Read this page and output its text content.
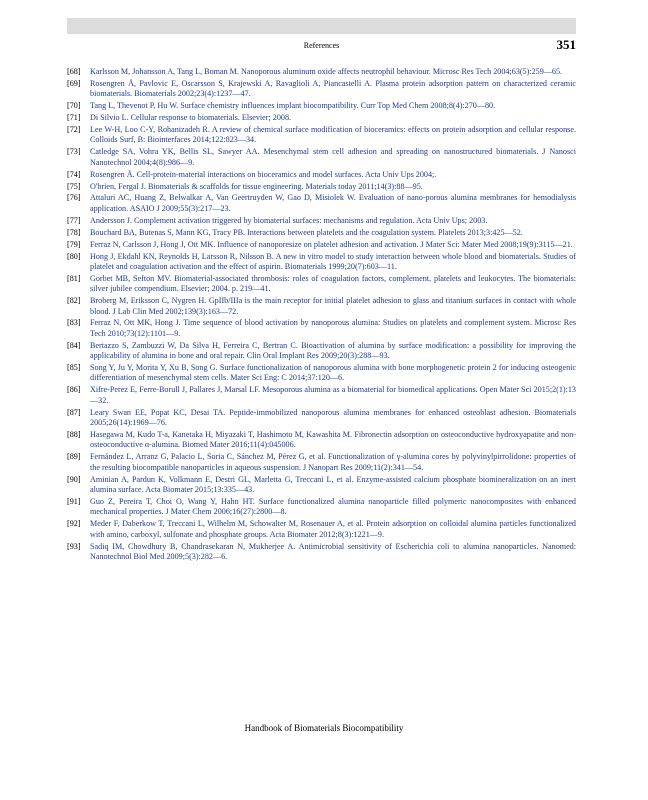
References	351
[68]	Karlsson M, Johansson A, Tang L, Boman M. Nanoporous aluminum oxide affects neutrophil behaviour. Microsc Res Tech 2004;63(5):259—65.
[69]	Rosengren Å, Pavlovic E, Oscarsson S, Krajewski A, Ravaglioli A, Piancastelli A. Plasma protein adsorption pattern on characterized ceramic biomaterials. Biomaterials 2002;23(4):1237—47.
[70]	Tang L, Thevenot P, Hu W. Surface chemistry influences implant biocompatibility. Curr Top Med Chem 2008;8(4):270—80.
[71]	Di Silvio L. Cellular response to biomaterials. Elsevier; 2008.
[72]	Lee W-H, Loo C-Y, Rohanizadeh R. A review of chemical surface modification of bioceramics: effects on protein adsorption and cellular response. Colloids Surf, B: Biointerfaces 2014;122:823—34.
[73]	Catledge SA, Vohra YK, Bellis SL, Sawyer AA. Mesenchymal stem cell adhesion and spreading on nanostructured biomaterials. J Nanosci Nanotechnol 2004;4(8):986—9.
[74]	Rosengren Å. Cell-protein-material interactions on bioceramics and model surfaces. Acta Univ Ups 2004;.
[75]	O'brien, Fergal J. Biomaterials & scaffolds for tissue engineering. Materials today 2011;14(3):88—95.
[76]	Attaluri AC, Huang Z, Belwalkar A, Van Geertruyden W, Gao D, Misiolek W. Evaluation of nano-porous alumina membranes for hemodialysis application. ASAIO J 2009;55(3):217—23.
[77]	Andersson J. Complement activation triggered by biomaterial surfaces: mechanisms and regulation. Acta Univ Ups; 2003.
[78]	Bouchard BA, Butenas S, Mann KG, Tracy PB. Interactions between platelets and the coagulation system. Platelets 2013;3:425—52.
[79]	Ferraz N, Carlsson J, Hong J, Ott MK. Influence of nanoporesize on platelet adhesion and activation. J Mater Sci: Mater Med 2008;19(9):3115—21.
[80]	Hong J, Ekdahl KN, Reynolds H, Larsson R, Nilsson B. A new in vitro model to study interaction between whole blood and biomaterials. Studies of platelet and coagulation activation and the effect of aspirin. Biomaterials 1999;20(7):603—11.
[81]	Gorbet MB, Sefton MV. Biomaterial-associated thrombosis: roles of coagulation factors, complement, platelets and leukocytes. The biomaterials: silver jubilee compendium. Elsevier; 2004. p. 219—41.
[82]	Broberg M, Eriksson C, Nygren H. GpIIb/IIIa is the main receptor for initial platelet adhesion to glass and titanium surfaces in contact with whole blood. J Lab Clin Med 2002;139(3):163—72.
[83]	Ferraz N, Ott MK, Hong J. Time sequence of blood activation by nanoporous alumina: Studies on platelets and complement system. Microsc Res Tech 2010;73(12):1101—9.
[84]	Bertazzo S, Zambuzzi W, Da Silva H, Ferreira C, Bertran C. Bioactivation of alumina by surface modification: a possibility for improving the applicability of alumina in bone and oral repair. Clin Oral Implant Res 2009;20(3):288—93.
[85]	Song Y, Ju Y, Morita Y, Xu B, Song G. Surface functionalization of nanoporous alumina with bone morphogenetic protein 2 for inducing osteogenic differentiation of mesenchymal stem cells. Mater Sci Eng: C 2014;37:120—6.
[86]	Xifre-Perez E, Ferre-Borull J, Pallares J, Marsal LF. Mesoporous alumina as a biomaterial for biomedical applications. Open Mater Sci 2015;2(1):13—32.
[87]	Leary Swan EE, Popat KC, Desai TA. Peptide-immobilized nanoporous alumina membranes for enhanced osteoblast adhesion. Biomaterials 2005;26(14):1969—76.
[88]	Hasegawa M, Kudo T-a, Kanetaka H, Miyazaki T, Hashimoto M, Kawashita M. Fibronectin adsorption on osteoconductive hydroxyapatite and non-osteoconductive α-alumina. Biomed Mater 2016;11(4):045006.
[89]	Fernández L, Arranz G, Palacio L, Soria C, Sánchez M, Pérez G, et al. Functionalization of γ-alumina cores by polyvinylpirrolidone: properties of the resulting biocompatible nanoparticles in aqueous suspension. J Nanopart Res 2009;11(2):341—54.
[90]	Aminian A, Pardun K, Volkmann E, Destri GL, Marletta G, Treccani L, et al. Enzyme-assisted calcium phosphate biomineralization on an inert alumina surface. Acta Biomater 2015;13:335—43.
[91]	Guo Z, Pereira T, Choi O, Wang Y, Hahn HT. Surface functionalized alumina nanoparticle filled polymeric nanocomposites with enhanced mechanical properties. J Mater Chem 2006;16(27):2800—8.
[92]	Meder F, Daberkow T, Treccani L, Wilhelm M, Schowalter M, Rosenauer A, et al. Protein adsorption on colloidal alumina particles functionalized with amino, carboxyl, sulfonate and phosphate groups. Acta Biomater 2012;8(3):1221—9.
[93]	Sadiq IM, Chowdhury B, Chandrasekaran N, Mukherjee A. Antimicrobial sensitivity of Escherichia coli to alumina nanoparticles. Nanomed: Nanotechnol Biol Med 2009;5(3):282—6.
Handbook of Biomaterials Biocompatibility
